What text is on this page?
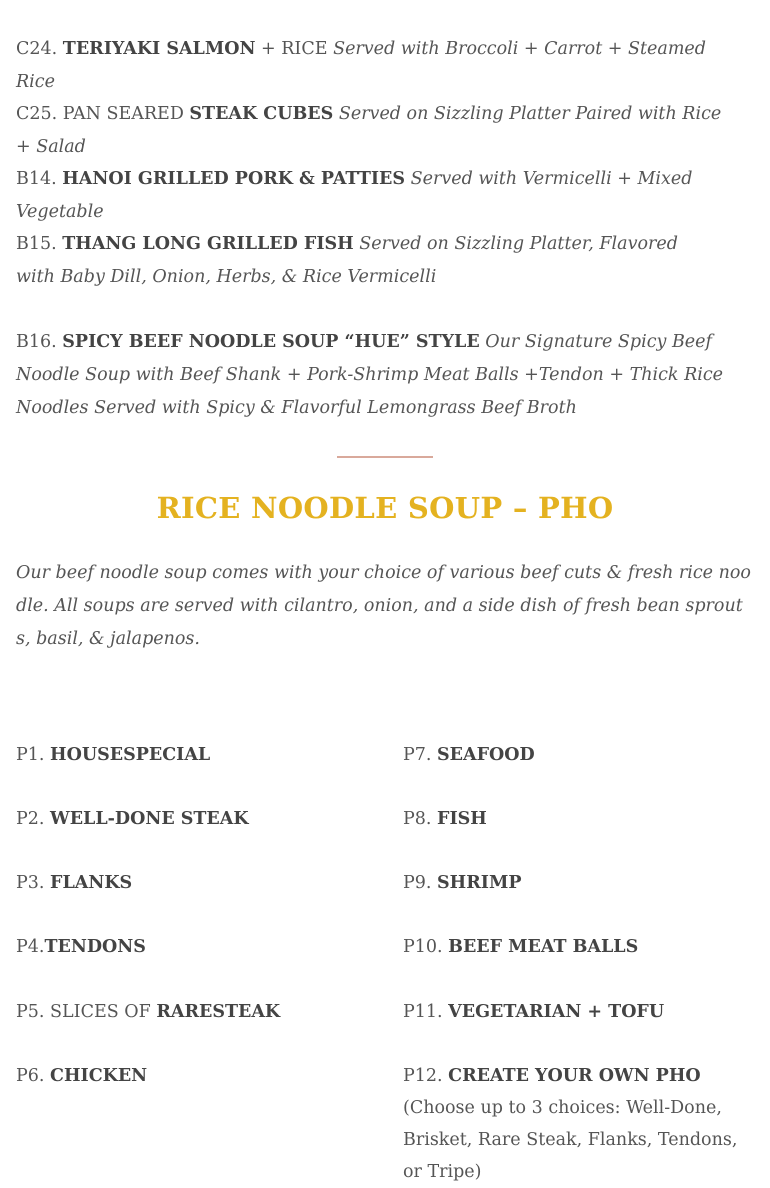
C24. TERIYAKI SALMON + RICE Served with Broccoli + Carrot + Steamed Rice

C25. PAN SEARED STEAK CUBES Served on Sizzling Platter Paired with Rice + Salad

B14. HANOI GRILLED PORK & PATTIES Served with Vermicelli + Mixed Vegetable

B15. THANG LONG GRILLED FISH Served on Sizzling Platter, Flavored with Baby Dill, Onion, Herbs, & Rice Vermicelli

B16. SPICY BEEF NOODLE SOUP “HUE” STYLE Our Signature Spicy Beef Noodle Soup with Beef Shank + Pork-Shrimp Meat Balls +Tendon + Thick Rice Noodles Served with Spicy & Flavorful Lemongrass Beef Broth

RICE NOODLE SOUP – PHO

Our beef noodle soup comes with your choice of various beef cuts & fresh rice noodle. All soups are served with cilantro, onion, and a side dish of fresh bean sprouts, basil, & jalapenos.

P1. HOUSESPECIAL

P2. WELL-DONE STEAK

P3. FLANKS

P4.TENDONS

P5. SLICES OF RARESTEAK

P6. CHICKEN

P7. SEAFOOD

P8. FISH

P9. SHRIMP

P10. BEEF MEAT BALLS

P11. VEGETARIAN + TOFU

P12. CREATE YOUR OWN PHO (Choose up to 3 choices: Well-Done, Brisket, Rare Steak, Flanks, Tendons, or Tripe)
